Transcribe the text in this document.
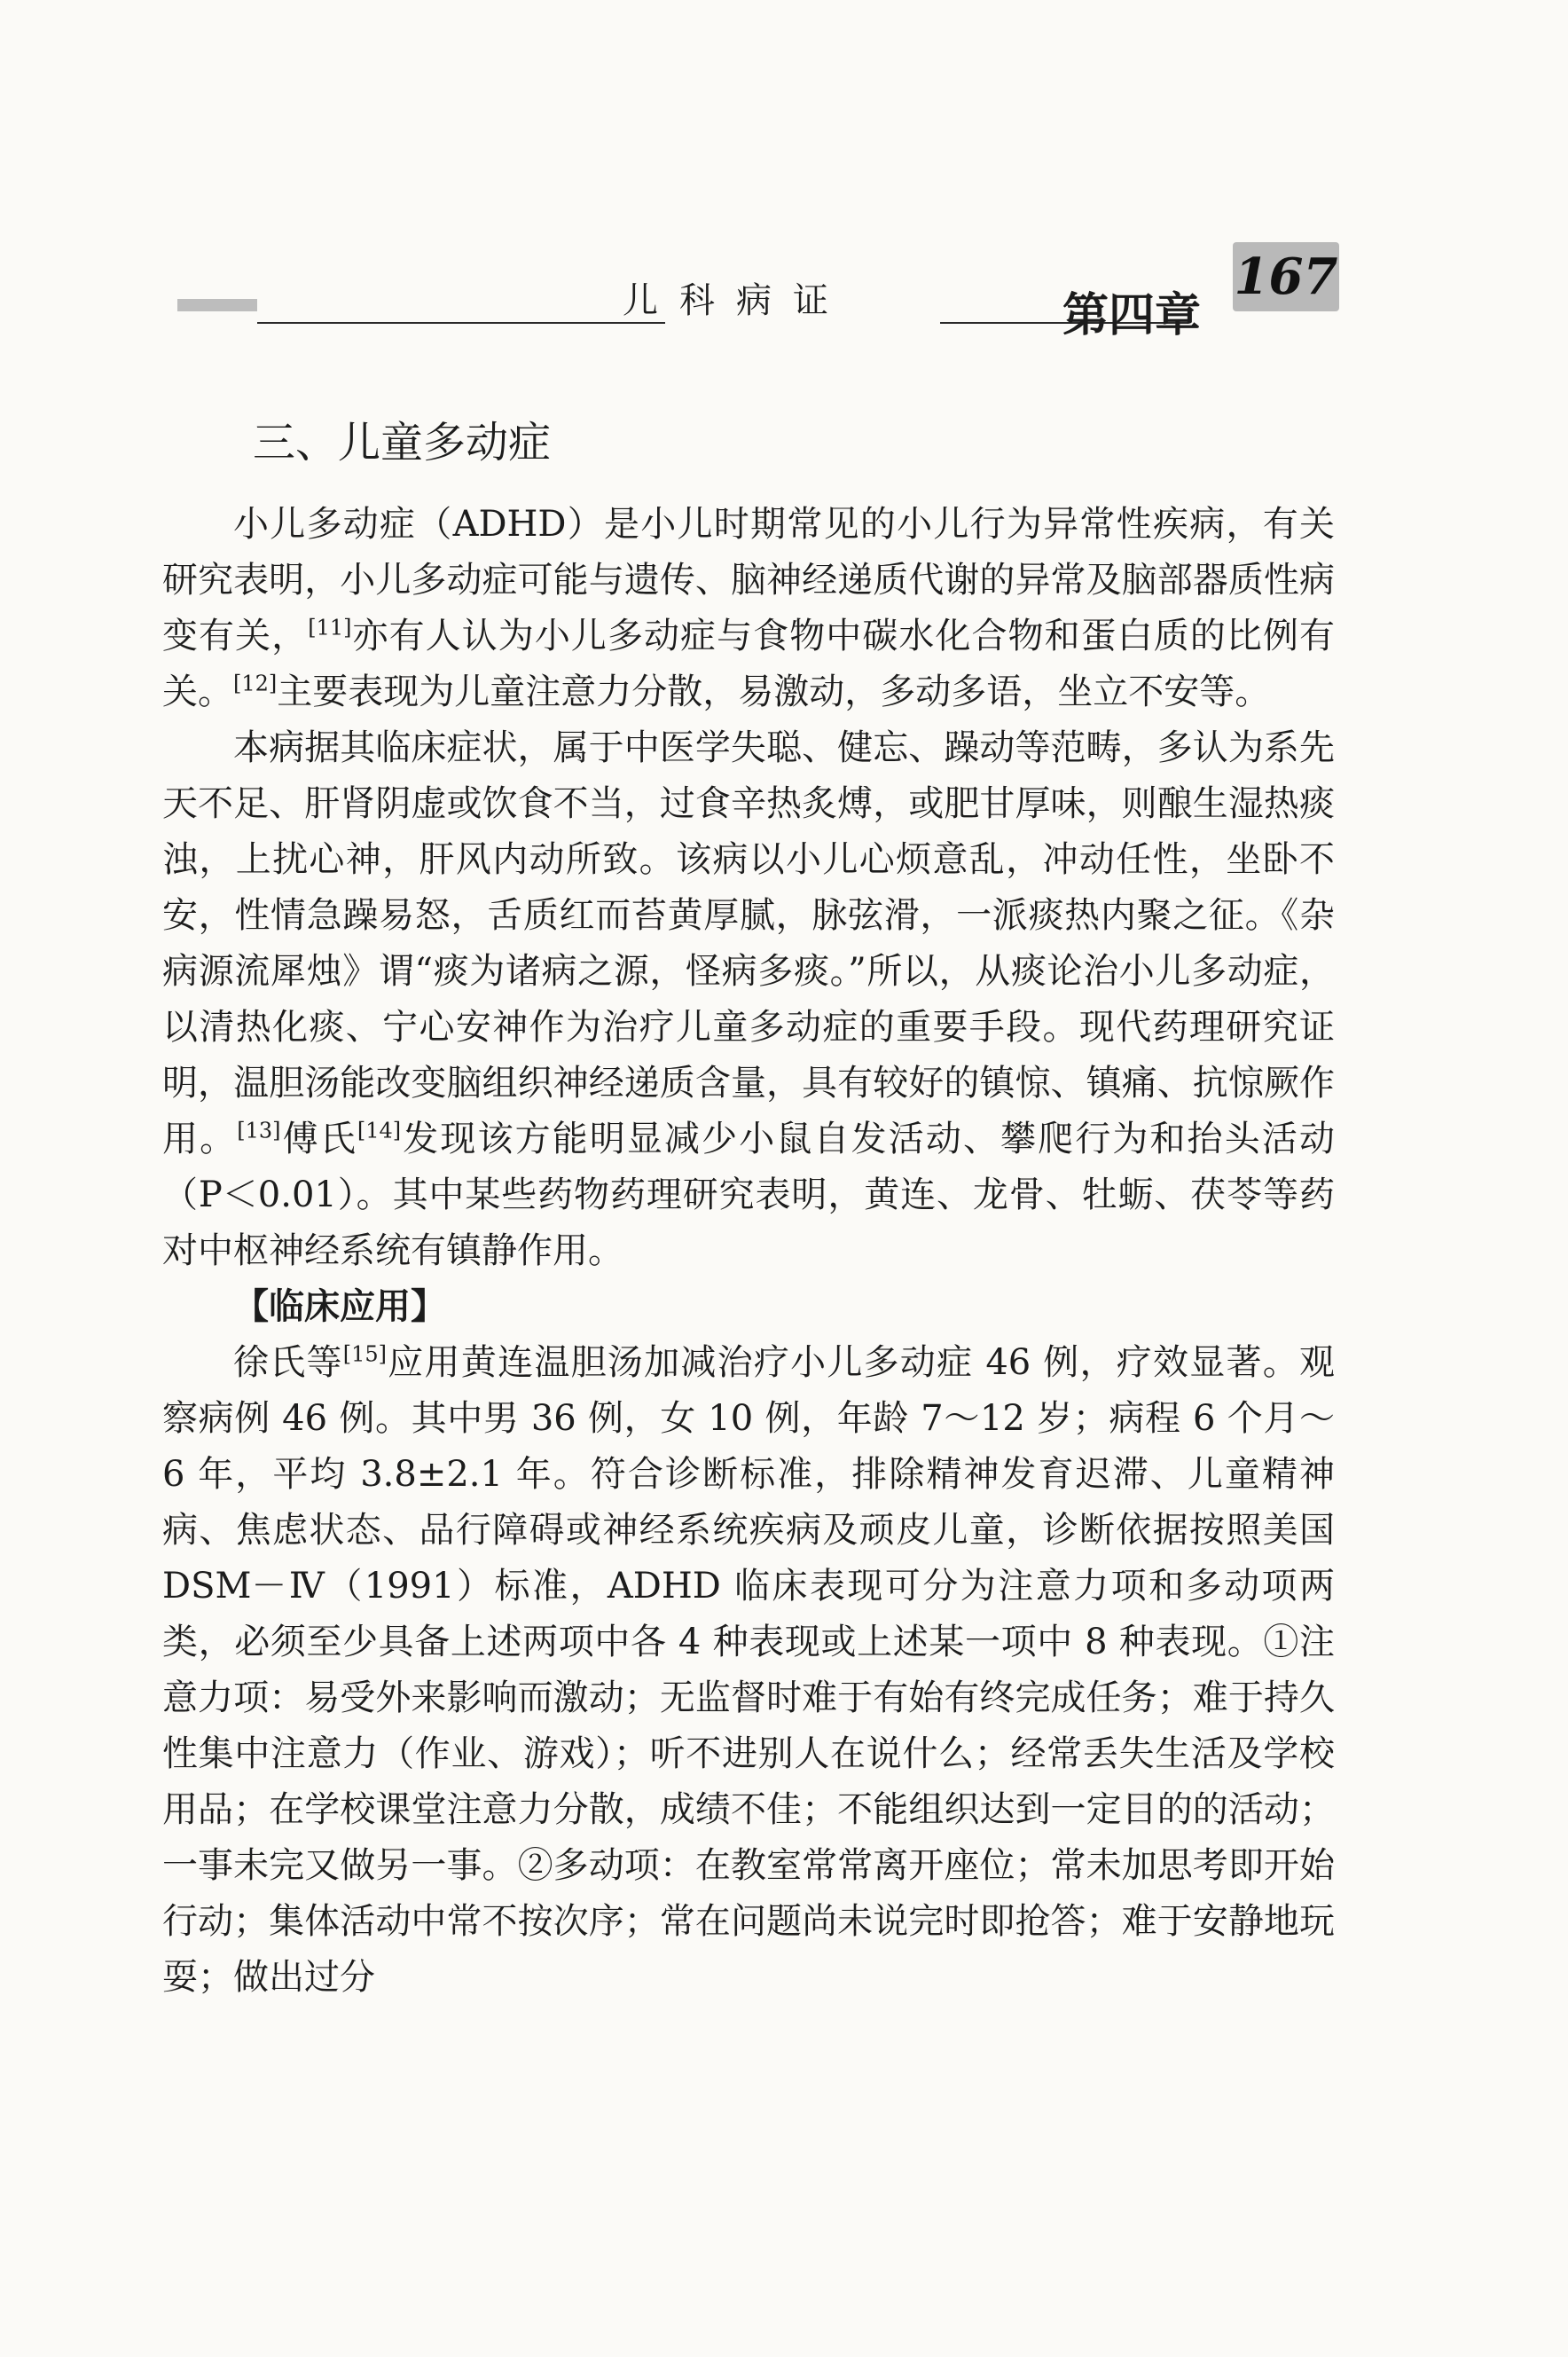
儿科病证	第四章
167
三、儿童多动症

小儿多动症（ADHD）是小儿时期常见的小儿行为异常性疾病，有关研究表明，小儿多动症可能与遗传、脑神经递质代谢的异常及脑部器质性病变有关，[11]亦有人认为小儿多动症与食物中碳水化合物和蛋白质的比例有关。[12]主要表现为儿童注意力分散，易激动，多动多语，坐立不安等。

本病据其临床症状，属于中医学失聪、健忘、躁动等范畴，多认为系先天不足、肝肾阴虚或饮食不当，过食辛热炙煿，或肥甘厚味，则酿生湿热痰浊，上扰心神，肝风内动所致。该病以小儿心烦意乱，冲动任性，坐卧不安，性情急躁易怒，舌质红而苔黄厚腻，脉弦滑，一派痰热内聚之征。《杂病源流犀烛》谓“痰为诸病之源，怪病多痰。”所以，从痰论治小儿多动症，以清热化痰、宁心安神作为治疗儿童多动症的重要手段。现代药理研究证明，温胆汤能改变脑组织神经递质含量，具有较好的镇惊、镇痛、抗惊厥作用。[13]傅氏[14]发现该方能明显减少小鼠自发活动、攀爬行为和抬头活动（P＜0.01）。其中某些药物药理研究表明，黄连、龙骨、牡蛎、茯苓等药对中枢神经系统有镇静作用。

【临床应用】

徐氏等[15]应用黄连温胆汤加减治疗小儿多动症 46 例，疗效显著。观察病例 46 例。其中男 36 例，女 10 例，年龄 7～12 岁；病程 6 个月～6 年，平均 3.8±2.1 年。符合诊断标准，排除精神发育迟滞、儿童精神病、焦虑状态、品行障碍或神经系统疾病及顽皮儿童，诊断依据按照美国 DSM－Ⅳ（1991）标准，ADHD 临床表现可分为注意力项和多动项两类，必须至少具备上述两项中各 4 种表现或上述某一项中 8 种表现。①注意力项：易受外来影响而激动；无监督时难于有始有终完成任务；难于持久性集中注意力（作业、游戏）；听不进别人在说什么；经常丢失生活及学校用品；在学校课堂注意力分散，成绩不佳；不能组织达到一定目的的活动；一事未完又做另一事。②多动项：在教室常常离开座位；常未加思考即开始行动；集体活动中常不按次序；常在问题尚未说完时即抢答；难于安静地玩耍；做出过分
